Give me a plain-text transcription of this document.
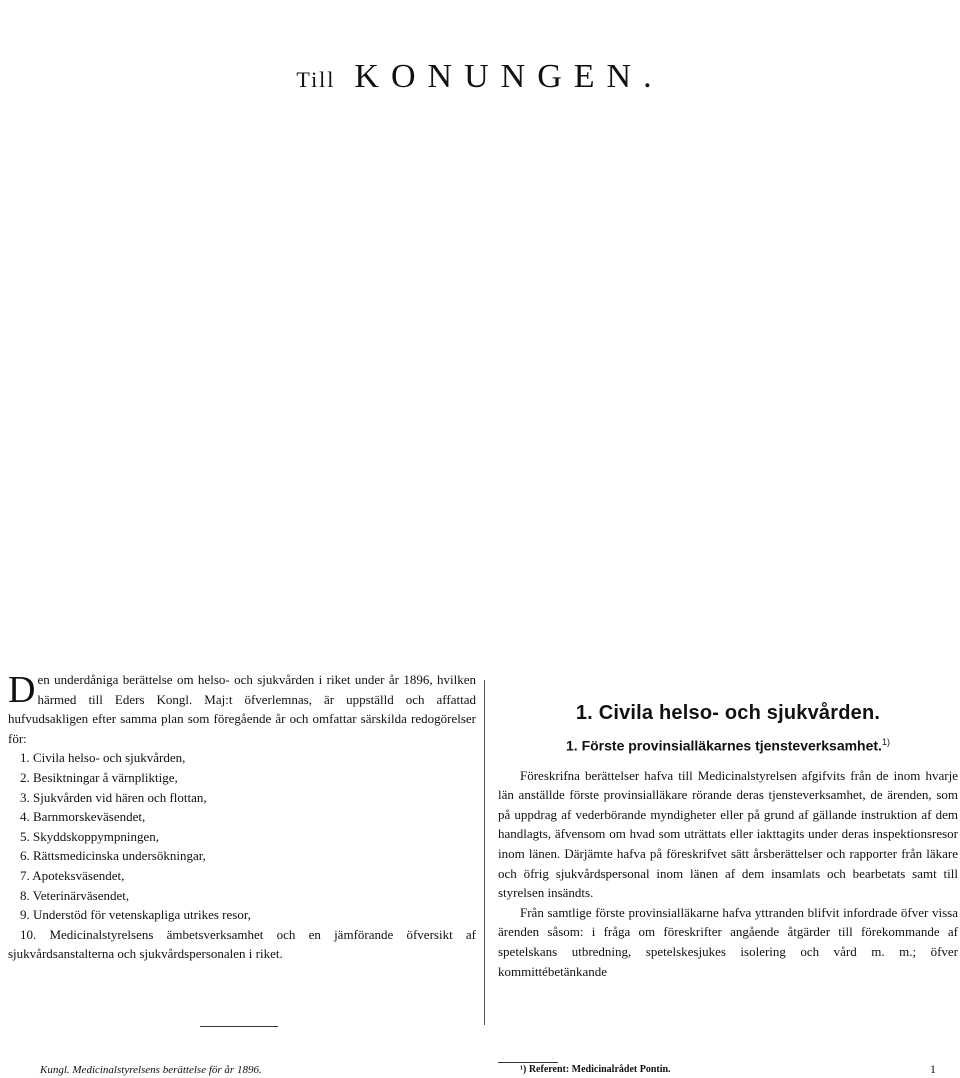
Till KONUNGEN.
Den underdåniga berättelse om helso- och sjukvården i riket under år 1896, hvilken härmed till Eders Kongl. Maj:t öfverlemnas, är uppställd och affattad hufvudsakligen efter samma plan som föregående år och omfattar särskilda redogörelser för:
1. Civila helso- och sjukvården,
2. Besiktningar å värnpliktige,
3. Sjukvården vid hären och flottan,
4. Barnmorskeväsendet,
5. Skyddskoppympningen,
6. Rättsmedicinska undersökningar,
7. Apoteksväsendet,
8. Veterinärväsendet,
9. Understöd för vetenskapliga utrikes resor,
10. Medicinalstyrelsens ämbetsverksamhet och en jämförande öfversikt af sjukvårdsanstalterna och sjukvårdspersonalen i riket.
1. Civila helso- och sjukvården.
1. Förste provinsialläkarnes tjensteverksamhet.$^{1)}$

Föreskrifna berättelser hafva till Medicinalstyrelsen afgifvits från de inom hvarje län anställde förste provinsialläkare rörande deras tjensteverksamhet, de ärenden, som på uppdrag af vederbörande myndigheter eller på grund af gällande instruktion af dem handlagts, äfvensom om hvad som uträttats eller iakttagits under deras inspektionsresor inom länen. Därjämte hafva på föreskrifvet sätt årsberättelser och rapporter från läkare och öfrig sjukvårdspersonal inom länen af dem insamlats och bearbetats samt till styrelsen insändts.

Från samtlige förste provinsialläkarne hafva yttranden blifvit infordrade öfver vissa ärenden såsom: i fråga om föreskrifter angående åtgärder till förekommande af spetelskans utbredning, spetelskesjukes isolering och vård m. m.; öfver kommittébetänkande

¹) Referent: Medicinalrådet Pontin.
Kungl. Medicinalstyrelsens berättelse för år 1896.	1
